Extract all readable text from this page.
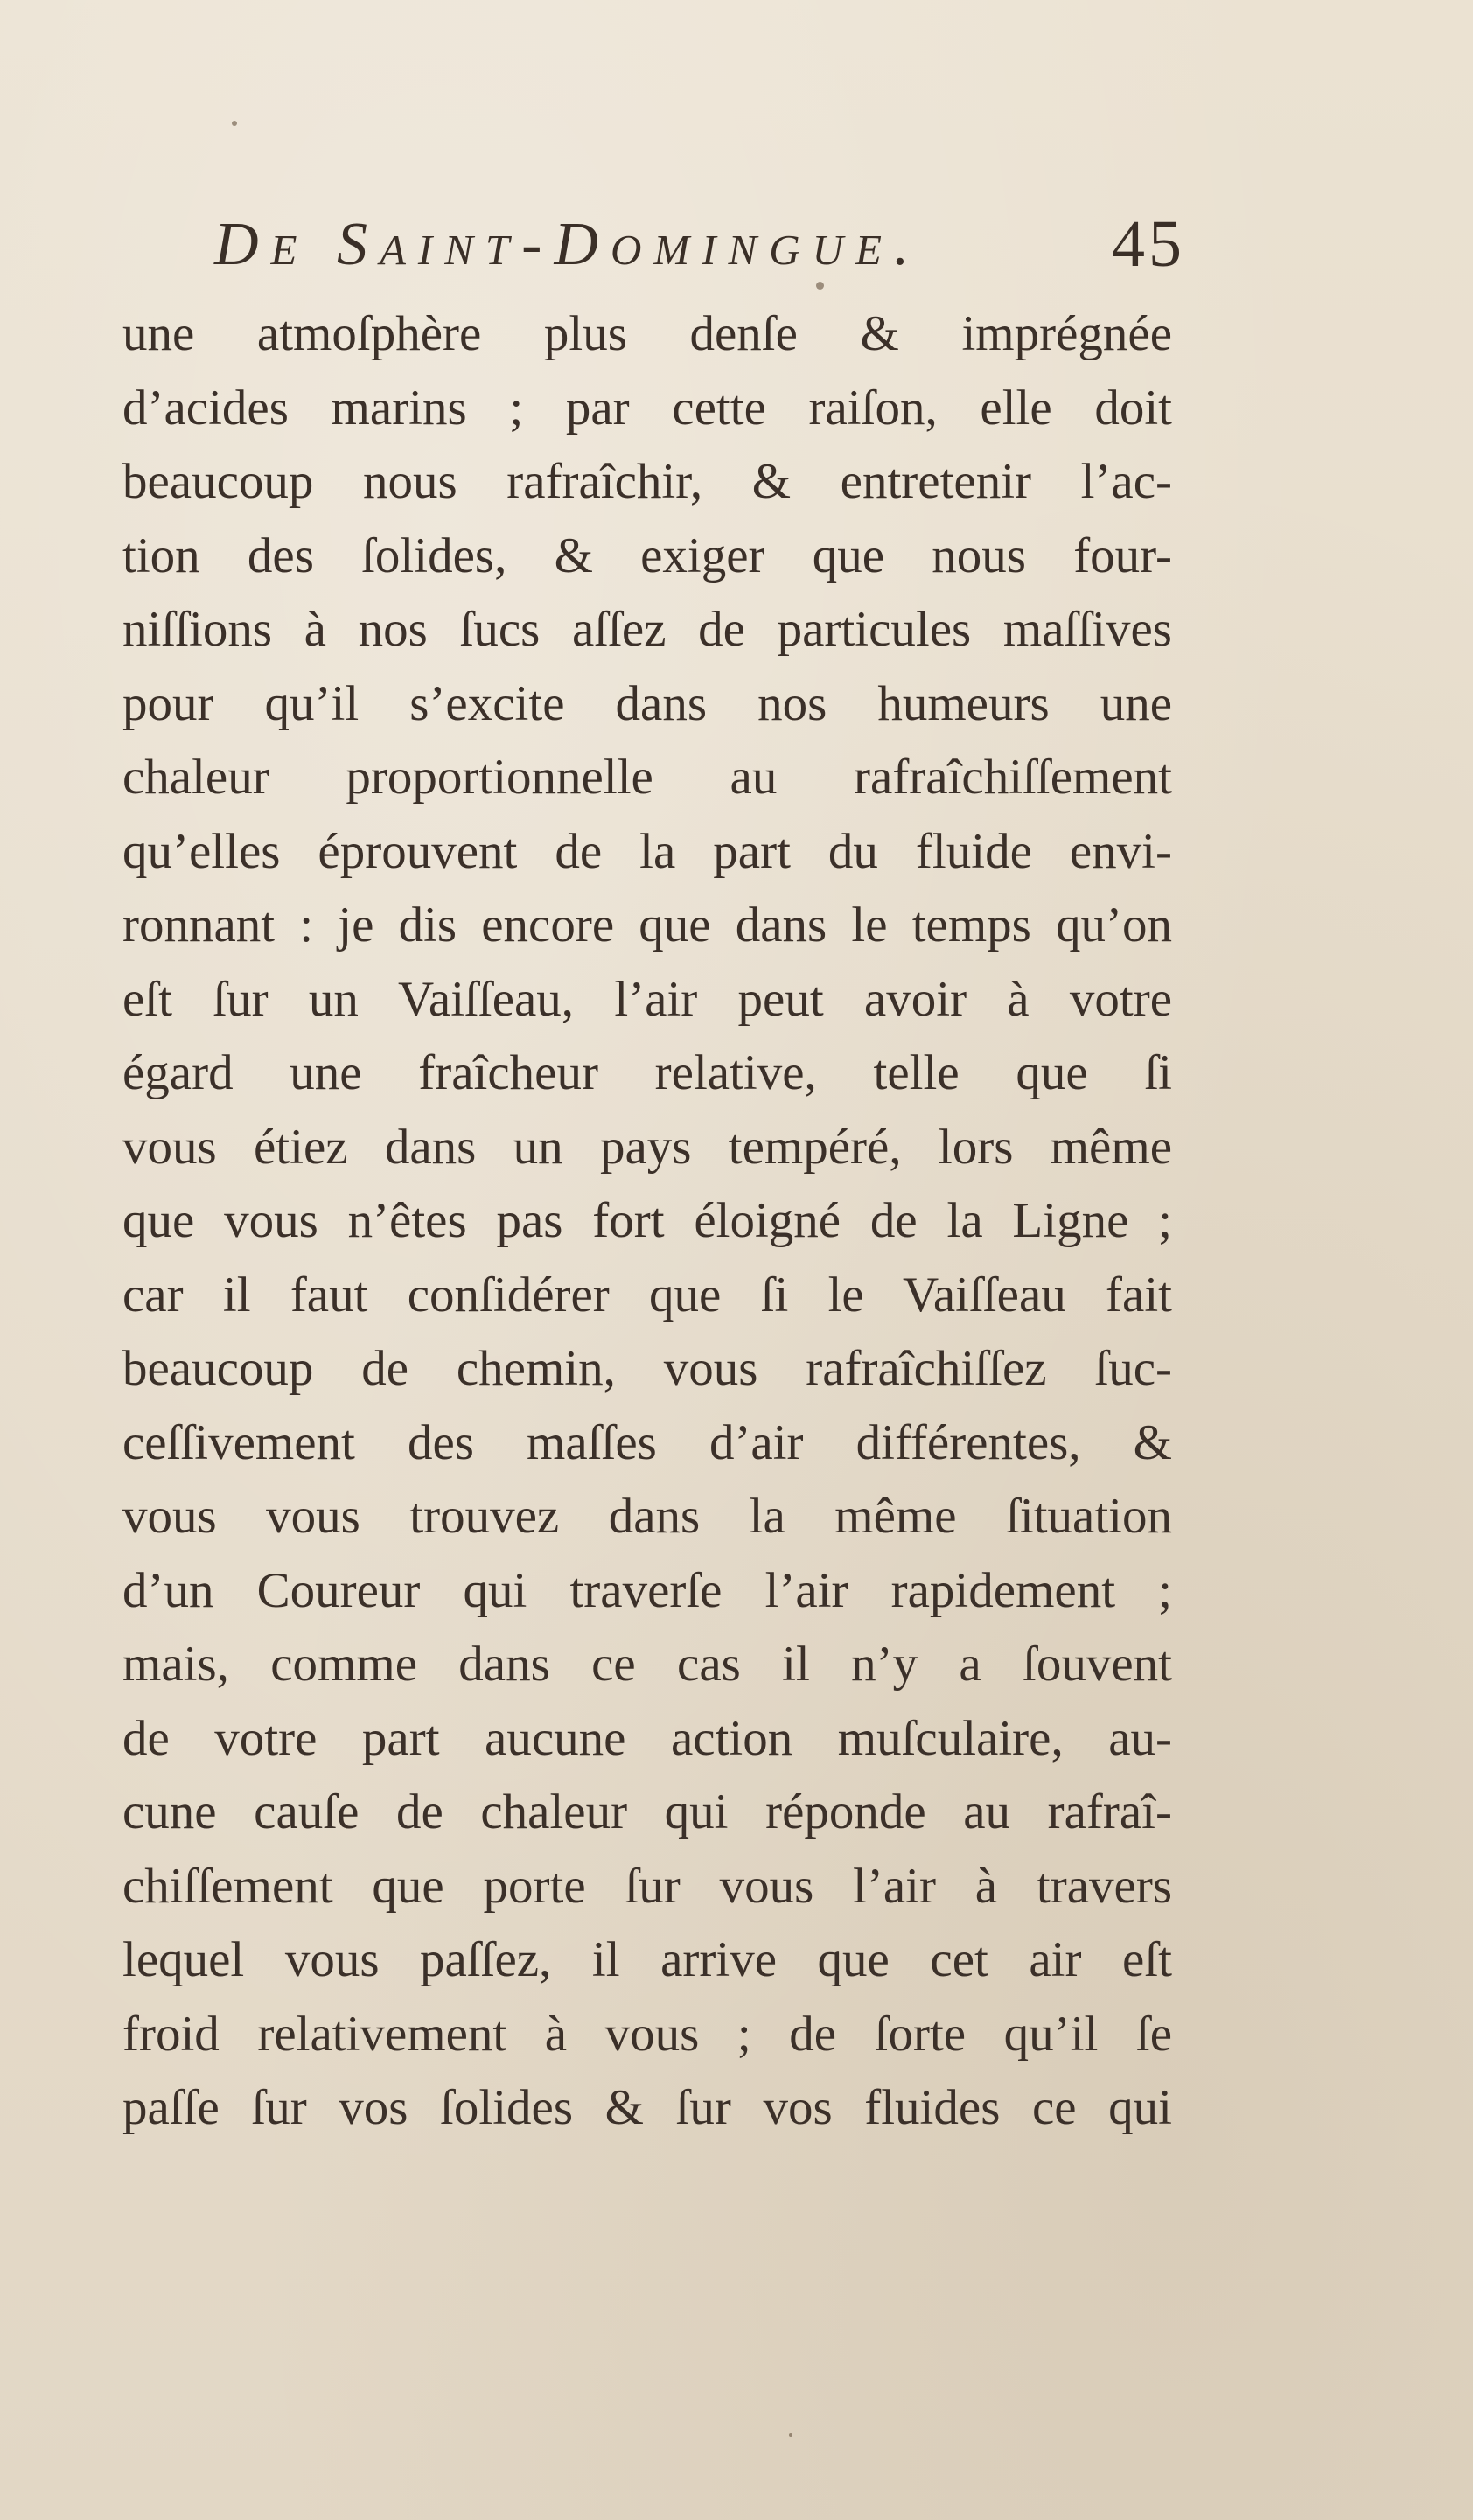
De Saint-Domingue.	45
une atmoſphère plus denſe & imprégnée
d’acides marins ; par cette raiſon, elle doit
beaucoup nous rafraîchir, & entretenir l’ac-
tion des ſolides, & exiger que nous four-
niſſions à nos ſucs aſſez de particules maſſives
pour qu’il s’excite dans nos humeurs une
chaleur proportionnelle au rafraîchiſſement
qu’elles éprouvent de la part du fluide envi-
ronnant : je dis encore que dans le temps qu’on
eſt ſur un Vaiſſeau, l’air peut avoir à votre
égard une fraîcheur relative, telle que ſi
vous étiez dans un pays tempéré, lors même
que vous n’êtes pas fort éloigné de la Ligne ;
car il faut conſidérer que ſi le Vaiſſeau fait
beaucoup de chemin, vous rafraîchiſſez ſuc-
ceſſivement des maſſes d’air différentes, &
vous vous trouvez dans la même ſituation
d’un Coureur qui traverſe l’air rapidement ;
mais, comme dans ce cas il n’y a ſouvent
de votre part aucune action muſculaire, au-
cune cauſe de chaleur qui réponde au rafraî-
chiſſement que porte ſur vous l’air à travers
lequel vous paſſez, il arrive que cet air eſt
froid relativement à vous ; de ſorte qu’il ſe
paſſe ſur vos ſolides & ſur vos fluides ce qui
